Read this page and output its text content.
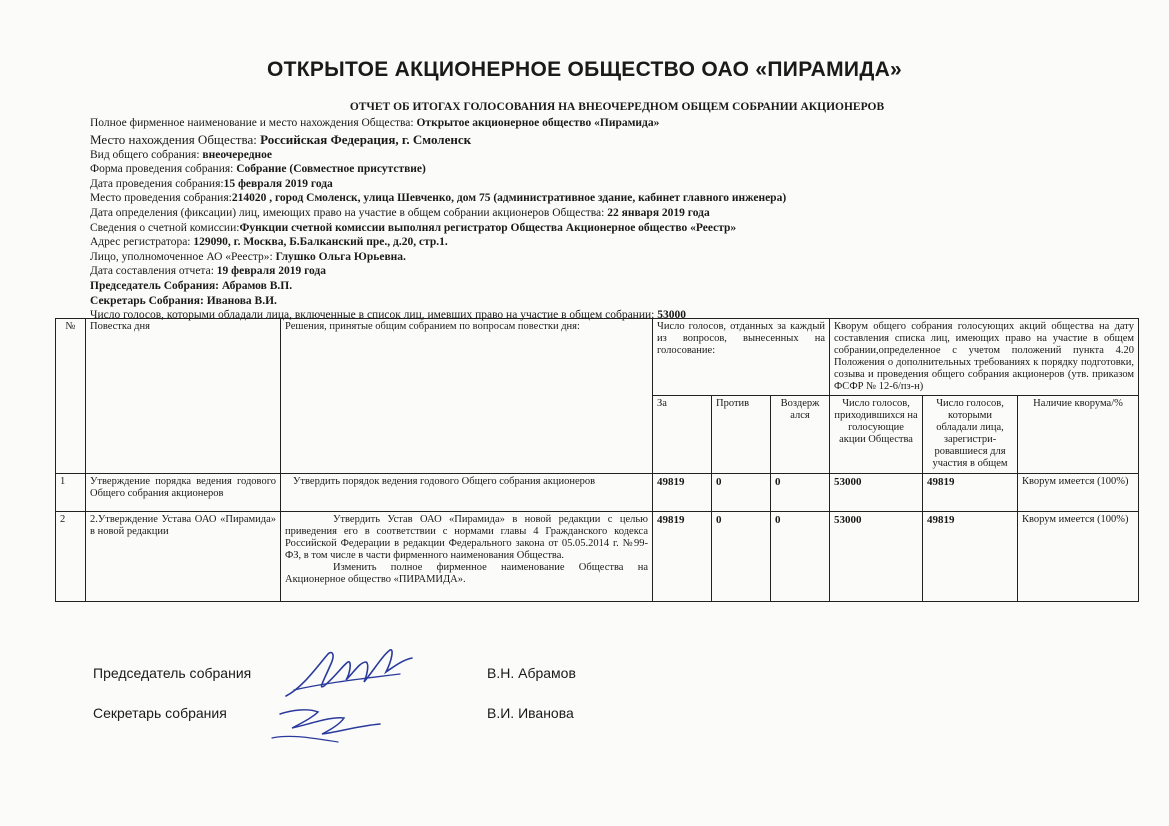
ОТКРЫТОЕ АКЦИОНЕРНОЕ ОБЩЕСТВО ОАО «ПИРАМИДА»
ОТЧЕТ ОБ ИТОГАХ ГОЛОСОВАНИЯ НА ВНЕОЧЕРЕДНОМ ОБЩЕМ СОБРАНИИ АКЦИОНЕРОВ
Полное фирменное наименование и место нахождения Общества: Открытое акционерное общество «Пирамида»
Место нахождения Общества: Российская Федерация, г. Смоленск
Вид общего собрания: внеочередное
Форма проведения собрания: Собрание (Совместное присутствие)
Дата проведения собрания:15 февраля 2019 года
Место проведения собрания:214020 , город Смоленск, улица Шевченко, дом 75 (административное здание, кабинет главного инженера)
Дата определения (фиксации) лиц, имеющих право на участие в общем собрании акционеров Общества: 22 января 2019 года
Сведения о счетной комиссии:Функции счетной комиссии выполнял регистратор Общества Акционерное общество «Реестр»
Адрес регистратора: 129090, г. Москва, Б.Балканский пре., д.20, стр.1.
Лицо, уполномоченное АО «Реестр»: Глушко Ольга Юрьевна.
Дата составления отчета: 19 февраля 2019 года
Председатель Собрания: Абрамов В.П.
Секретарь Собрания: Иванова В.И.
Число голосов, которыми обладали лица, включенные в список лиц, имевших право на участие в общем собрании: 53000
№	Повестка дня	Решения, принятые общим собранием по вопросам повестки дня:	Число голосов, отданных за каждый из вопросов, вынесенных на голосование:			Кворум общего собрания голосующих акций общества на дату составления списка лиц, имеющих право на участие в общем собрании,определенное с учетом положений пункта 4.20 Положения о дополнительных требованиях к порядку подготовки, созыва и проведения общего собрания акционеров (утв. приказом ФСФР № 12-6/пз-н)		
			За	Против	Воздерж
ался	Число голосов, приходившихся на голосующие акции Общества	Число голосов, которыми обладали лица, зарегистри-ровавшиеся для участия в общем	Наличие кворума/%
1	Утверждение порядка ведения годового Общего собрания акционеров	Утвердить порядок ведения годового Общего собрания акционеров	49819	0	0	53000	49819	Кворум имеется (100%)
2	2.Утверждение Устава ОАО «Пирамида» в новой редакции	Утвердить Устав ОАО «Пирамида» в новой редакции с целью приведения его в соответствии с нормами главы 4 Гражданского кодекса Российской Федерации в редакции Федерального закона от 05.05.2014 г. №99-ФЗ, в том числе в части фирменного наименования Общества.
Изменить полное фирменное наименование Общества на Акционерное общество «ПИРАМИДА».	49819	0	0	53000	49819	Кворум имеется (100%)
Председатель собрания	В.Н. Абрамов
Секретарь собрания	В.И. Иванова
